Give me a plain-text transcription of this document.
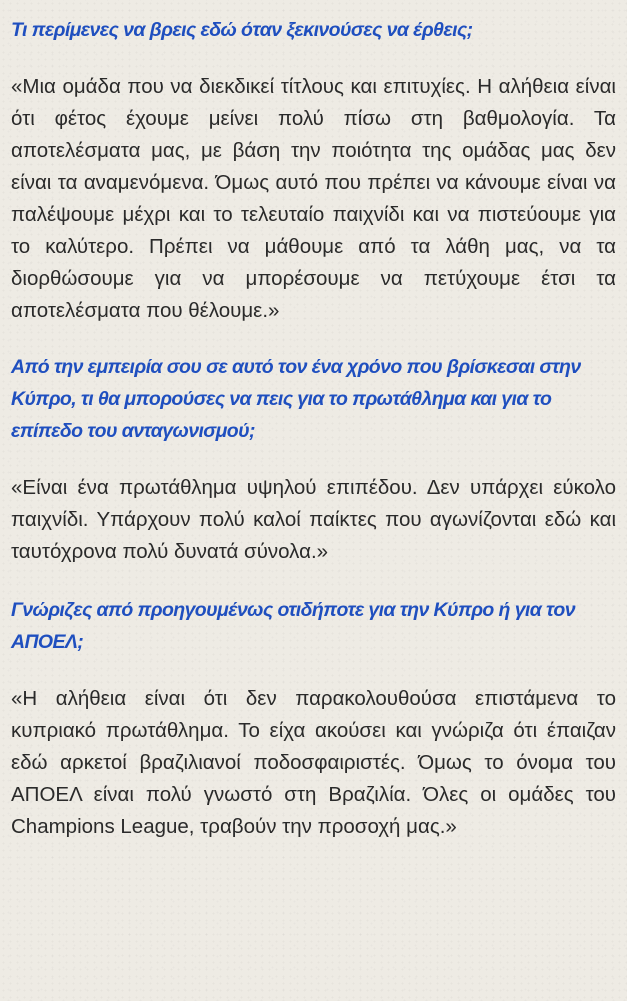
Τι περίμενες να βρεις εδώ όταν ξεκινούσες να έρθεις;

«Μια ομάδα που να διεκδικεί τίτλους και επιτυχίες. Η αλήθεια είναι ότι φέτος έχουμε μείνει πολύ πίσω στη βαθμολογία. Τα αποτελέσματα μας, με βάση την ποιότητα της ομάδας μας δεν είναι τα αναμενόμενα. Όμως αυτό που πρέπει να κάνουμε είναι να παλέψουμε μέχρι και το τελευταίο παιχνίδι και να πιστεύουμε για το καλύτερο. Πρέπει να μάθουμε από τα λάθη μας, να τα διορθώσουμε για να μπορέσουμε να πετύχουμε έτσι τα αποτελέσματα που θέλουμε.»

Από την εμπειρία σου σε αυτό τον ένα χρόνο που βρίσκεσαι στην Κύπρο, τι θα μπορούσες να πεις για το πρωτάθλημα και για το επίπεδο του ανταγωνισμού;

«Είναι ένα πρωτάθλημα υψηλού επιπέδου. Δεν υπάρχει εύκολο παιχνίδι. Υπάρχουν πολύ καλοί παίκτες που αγωνίζονται εδώ και ταυτόχρονα πολύ δυνατά σύνολα.»

Γνώριζες από προηγουμένως οτιδήποτε για την Κύπρο ή για τον ΑΠΟΕΛ;

«Η αλήθεια είναι ότι δεν παρακολουθούσα επιστάμενα το κυπριακό πρωτάθλημα. Το είχα ακούσει και γνώριζα ότι έπαιζαν εδώ αρκετοί βραζιλιανοί ποδοσφαιριστές. Όμως το όνομα του ΑΠΟΕΛ είναι πολύ γνωστό στη Βραζιλία. Όλες οι ομάδες του Champions League, τραβούν την προσοχή μας.»
